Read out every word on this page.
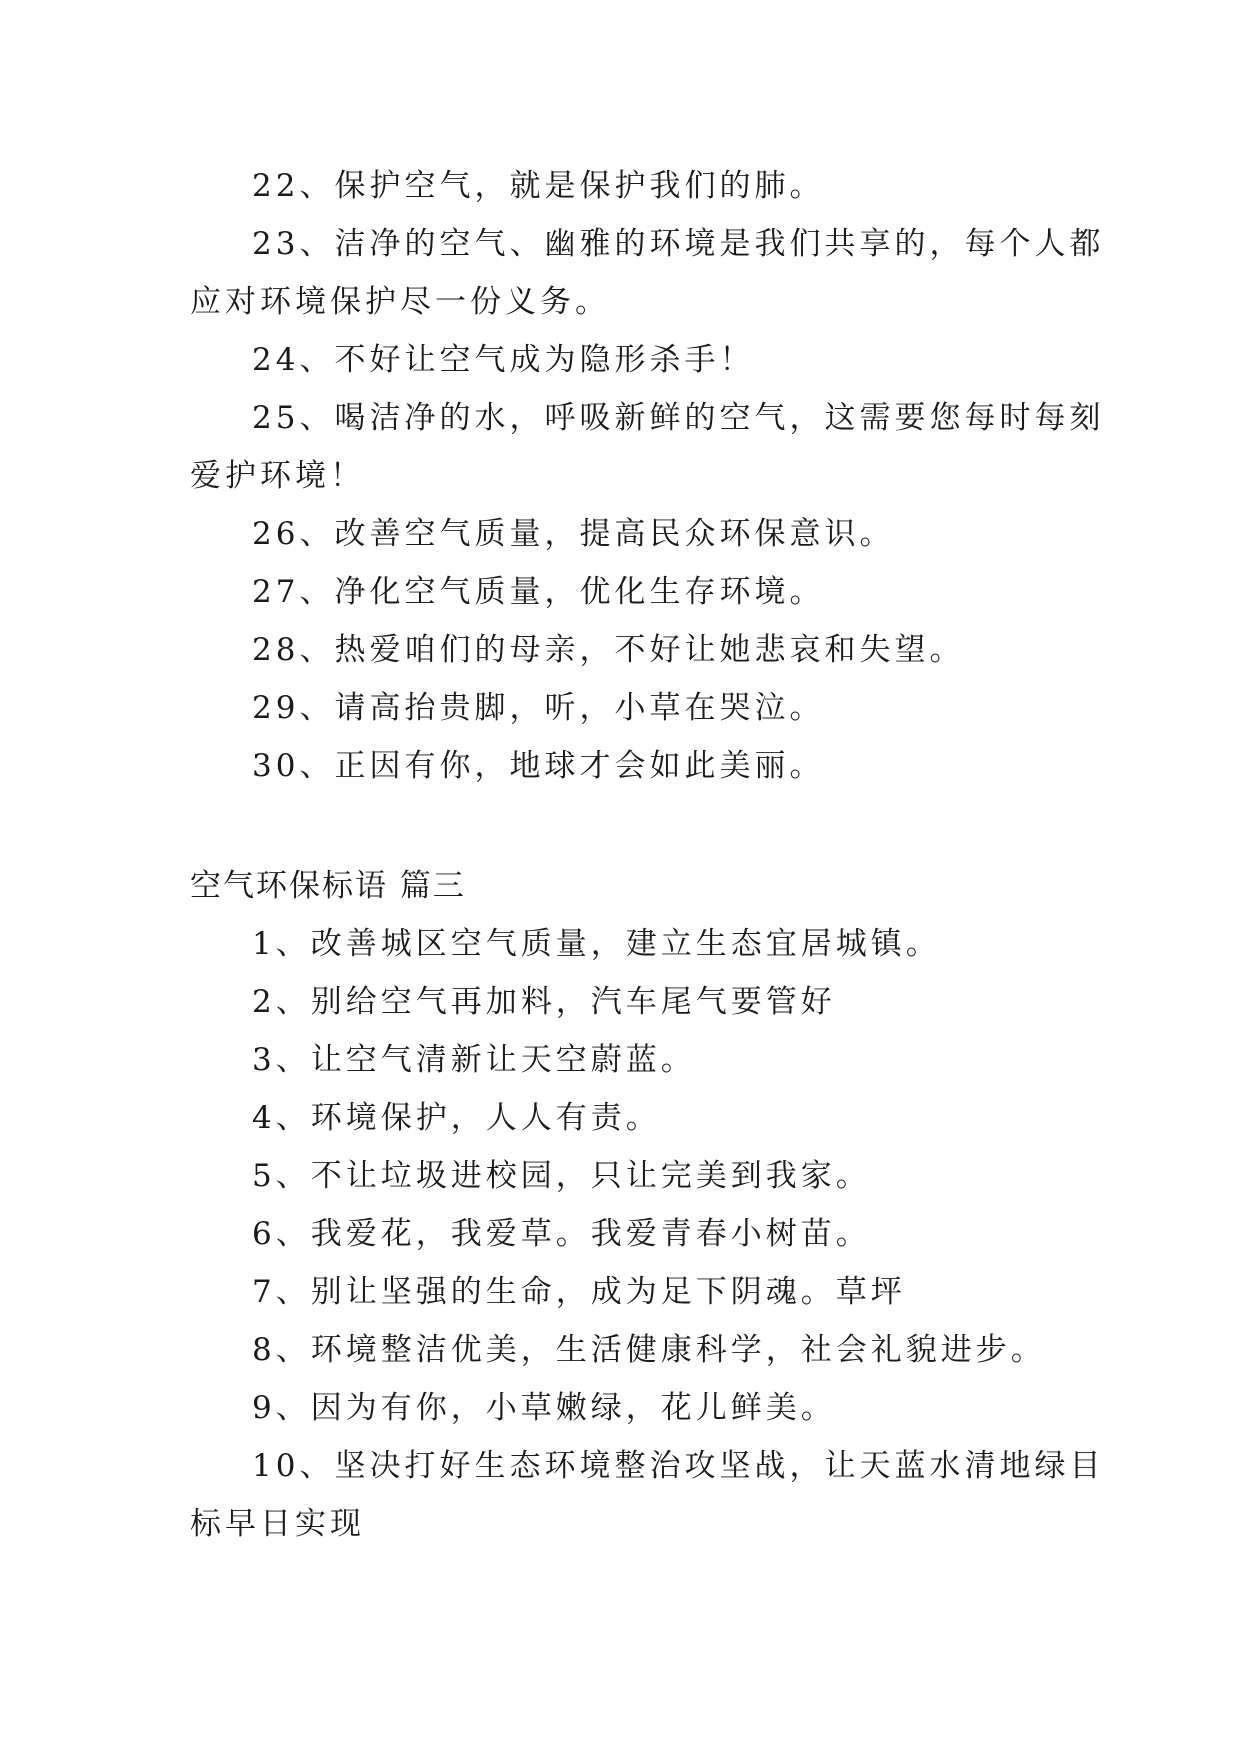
22、保护空气，就是保护我们的肺。

23、洁净的空气、幽雅的环境是我们共享的，每个人都

应对环境保护尽一份义务。

24、不好让空气成为隐形杀手！

25、喝洁净的水，呼吸新鲜的空气，这需要您每时每刻

爱护环境！

26、改善空气质量，提高民众环保意识。

27、净化空气质量，优化生存环境。

28、热爱咱们的母亲，不好让她悲哀和失望。

29、请高抬贵脚，听，小草在哭泣。

30、正因有你，地球才会如此美丽。

空气环保标语 篇三

1、改善城区空气质量，建立生态宜居城镇。

2、别给空气再加料，汽车尾气要管好

3、让空气清新让天空蔚蓝。

4、环境保护，人人有责。

5、不让垃圾进校园，只让完美到我家。

6、我爱花，我爱草。我爱青春小树苗。

7、别让坚强的生命，成为足下阴魂。草坪

8、环境整洁优美，生活健康科学，社会礼貌进步。

9、因为有你，小草嫩绿，花儿鲜美。

10、坚决打好生态环境整治攻坚战，让天蓝水清地绿目

标早日实现
